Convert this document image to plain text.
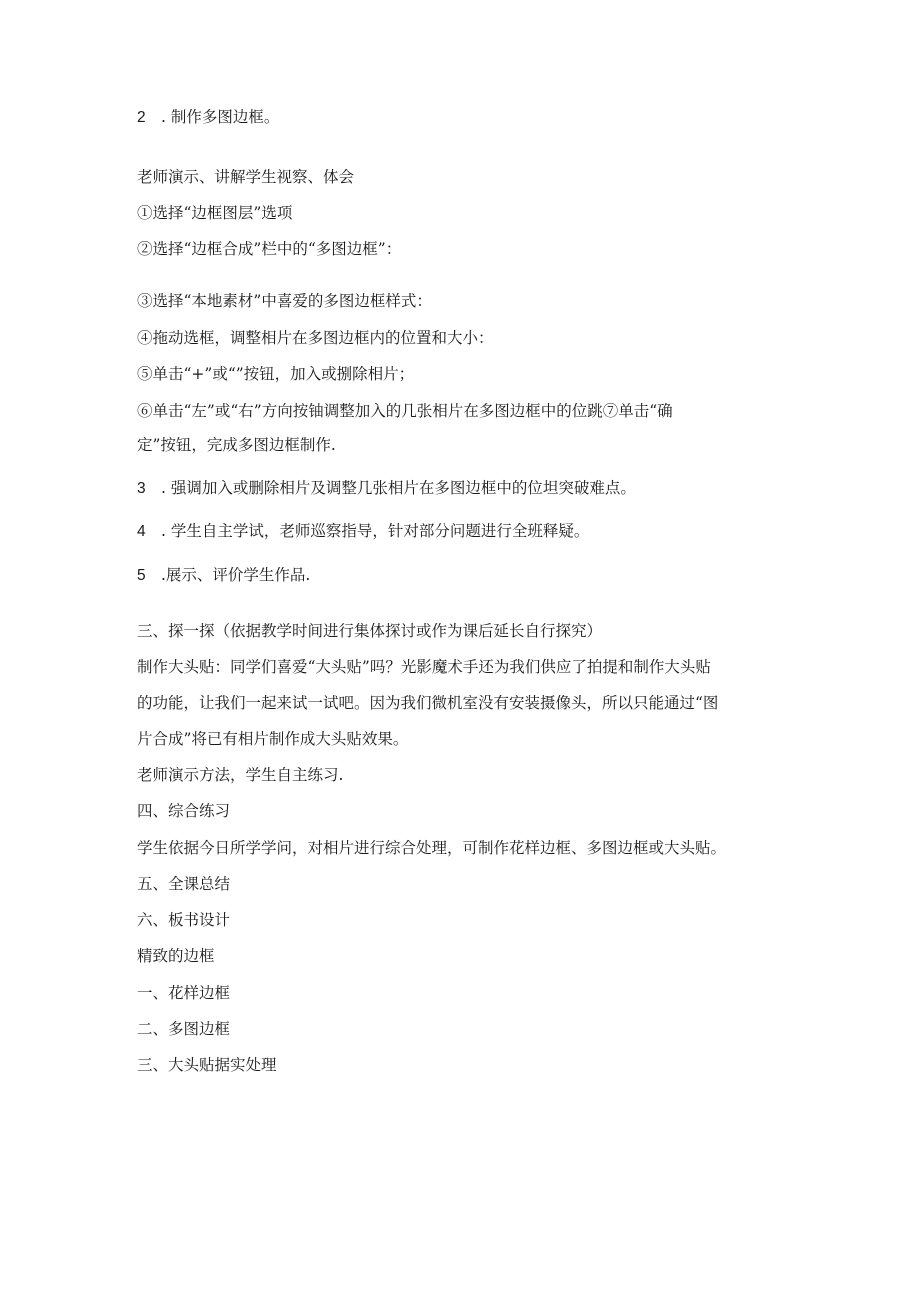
2 . 制作多图边框。
老师演示、讲解学生视察、体会
①选择“边框图层”选项
②选择“边框合成”栏中的“多图边框”：
③选择“本地素材”中喜爱的多图边框样式：
④拖动选框，调整相片在多图边框内的位置和大小：
⑤单击“+”或“”按钮，加入或捌除相片；
⑥单击“左”或“右”方向按铀调整加入的几张相片在多图边框中的位跳⑦单击“确
定”按钮，完成多图边框制作.
3 . 强调加入或删除相片及调整几张相片在多图边框中的位坦突破难点。
4 . 学生自主学试，老师巡察指导，针对部分问题进行全班释疑。
5 .展示、评价学生作品.
三、探一探（依据教学时间进行集体探讨或作为课后延长自行探究）
制作大头贴：同学们喜爱“大头贴”吗？光影魔术手还为我们供应了拍提和制作大头贴
的功能，让我们一起来试一试吧。因为我们微机室没有安装摄像头，所以只能通过“图
片合成”将已有相片制作成大头贴效果。
老师演示方法，学生自主练习.
四、综合练习
学生依据今日所学学问，对相片进行综合处理，可制作花样边框、多图边框或大头贴。
五、全课总结
六、板书设计
精致的边框
一、花样边框
二、多图边框
三、大头贴据实处理
